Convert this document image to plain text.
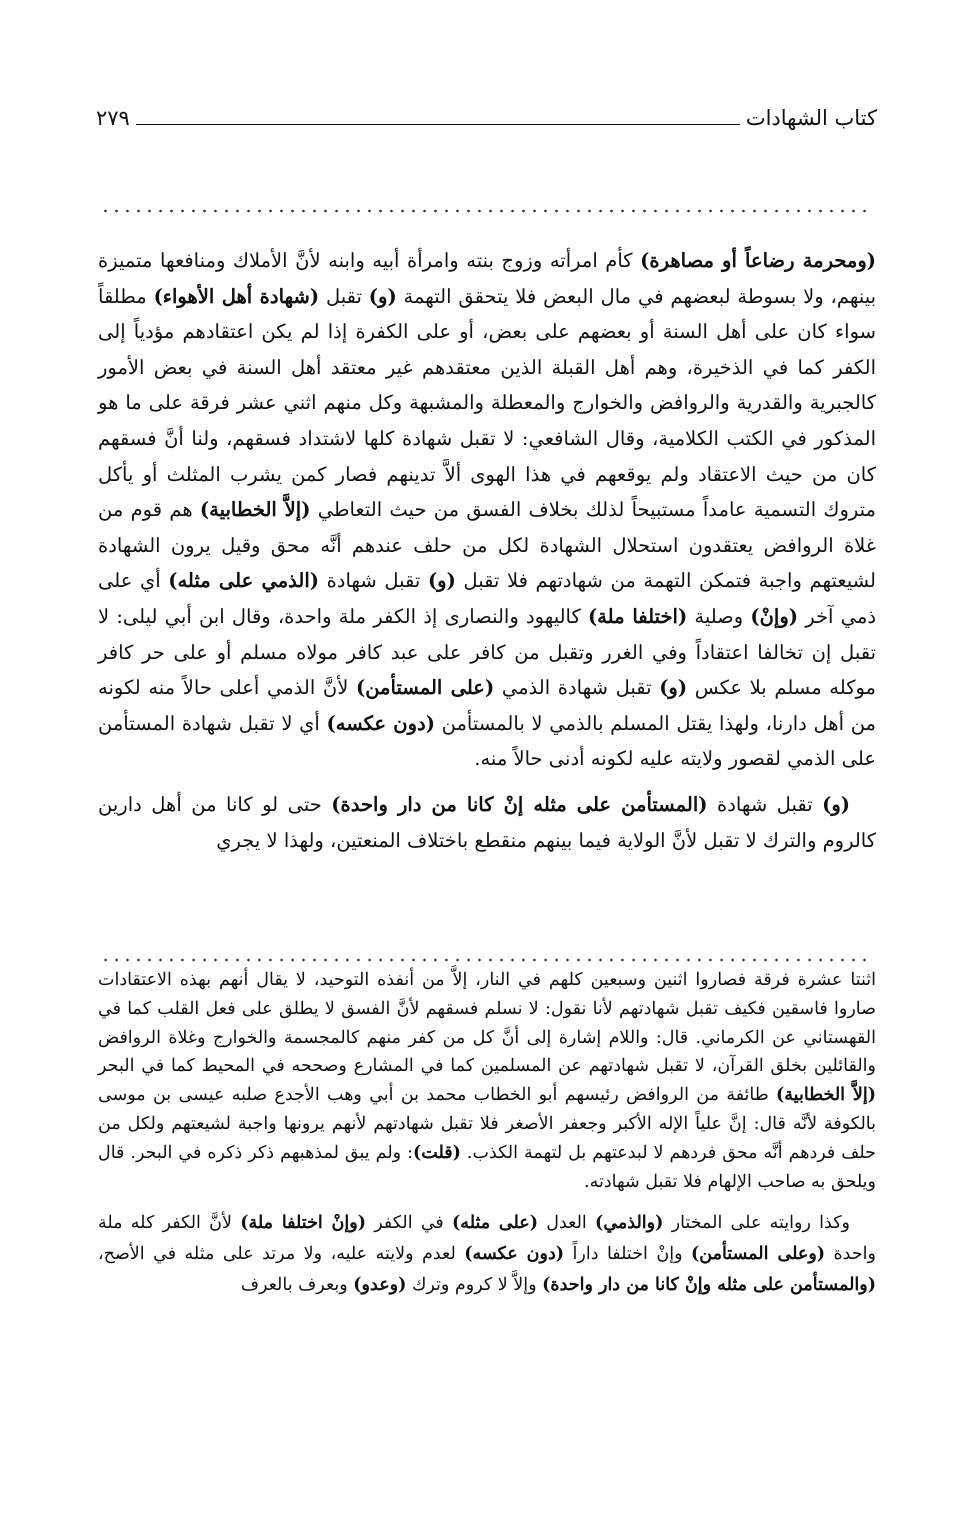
كتاب الشهادات
٢٧٩

(ومحرمة رضاعاً أو مصاهرة) كأم امرأته وزوج بنته وامرأة أبيه وابنه لأنَّ الأملاك ومنافعها متميزة بينهم، ولا بسوطة لبعضهم في مال البعض فلا يتحقق التهمة (و) تقبل (شهادة أهل الأهواء) مطلقاً سواء كان على أهل السنة أو بعضهم على بعض، أو على الكفرة إذا لم يكن اعتقادهم مؤدياً إلى الكفر كما في الذخيرة، وهم أهل القبلة الذين معتقدهم غير معتقد أهل السنة في بعض الأمور كالجبرية والقدرية والروافض والخوارج والمعطلة والمشبهة وكل منهم اثني عشر فرقة على ما هو المذكور في الكتب الكلامية، وقال الشافعي: لا تقبل شهادة كلها لاشتداد فسقهم، ولنا أنَّ فسقهم كان من حيث الاعتقاد ولم يوقعهم في هذا الهوى ألاَّ تدينهم فصار كمن يشرب المثلث أو يأكل متروك التسمية عامداً مستبيحاً لذلك بخلاف الفسق من حيث التعاطي (إلاَّ الخطابية) هم قوم من غلاة الروافض يعتقدون استحلال الشهادة لكل من حلف عندهم أنَّه محق وقيل يرون الشهادة لشيعتهم واجبة فتمكن التهمة من شهادتهم فلا تقبل (و) تقبل شهادة (الذمي على مثله) أي على ذمي آخر (وإنْ) وصلية (اختلفا ملة) كاليهود والنصارى إذ الكفر ملة واحدة، وقال ابن أبي ليلى: لا تقبل إن تخالفا اعتقاداً وفي الغرر وتقبل من كافر على عبد كافر مولاه مسلم أو على حر كافر موكله مسلم بلا عكس (و) تقبل شهادة الذمي (على المستأمن) لأنَّ الذمي أعلى حالاً منه لكونه من أهل دارنا، ولهذا يقتل المسلم بالذمي لا بالمستأمن (دون عكسه) أي لا تقبل شهادة المستأمن على الذمي لقصور ولايته عليه لكونه أدنى حالاً منه.

(و) تقبل شهادة (المستأمن على مثله إنْ كانا من دار واحدة) حتى لو كانا من أهل دارين كالروم والترك لا تقبل لأنَّ الولاية فيما بينهم منقطع باختلاف المنعتين، ولهذا لا يجري

اثنتا عشرة فرقة فصاروا اثنين وسبعين كلهم في النار، إلاَّ من أنفذه التوحيد، لا يقال أنهم بهذه الاعتقادات صاروا فاسقين فكيف تقبل شهادتهم لأنا نقول: لا نسلم فسقهم لأنَّ الفسق لا يطلق على فعل القلب كما في القهستاني عن الكرماني. قال: واللام إشارة إلى أنَّ كل من كفر منهم كالمجسمة والخوارج وغلاة الروافض والقائلين بخلق القرآن، لا تقبل شهادتهم عن المسلمين كما في المشارع وصححه في المحيط كما في البحر (إلاَّ الخطابية) طائفة من الروافض رئيسهم أبو الخطاب محمد بن أبي وهب الأجدع صلبه عيسى بن موسى بالكوفة لأنَّه قال: إنَّ علياً الإله الأكبر وجعفر الأصغر فلا تقبل شهادتهم لأنهم يرونها واجبة لشيعتهم ولكل من حلف فردهم أنَّه محق فردهم لا لبدعتهم بل لتهمة الكذب. (قلت): ولم يبق لمذهبهم ذكر ذكره في البحر. قال ويلحق به صاحب الإلهام فلا تقبل شهادته.

وكذا روايته على المختار (والذمي) العدل (على مثله) في الكفر (وإنْ اختلفا ملة) لأنَّ الكفر كله ملة واحدة (وعلى المستأمن) وإنْ اختلفا داراً (دون عكسه) لعدم ولايته عليه، ولا مرتد على مثله في الأصح، (والمستأمن على مثله وإنْ كانا من دار واحدة) وإلاَّ لا كروم وترك (وعدو) وبعرف بالعرف
